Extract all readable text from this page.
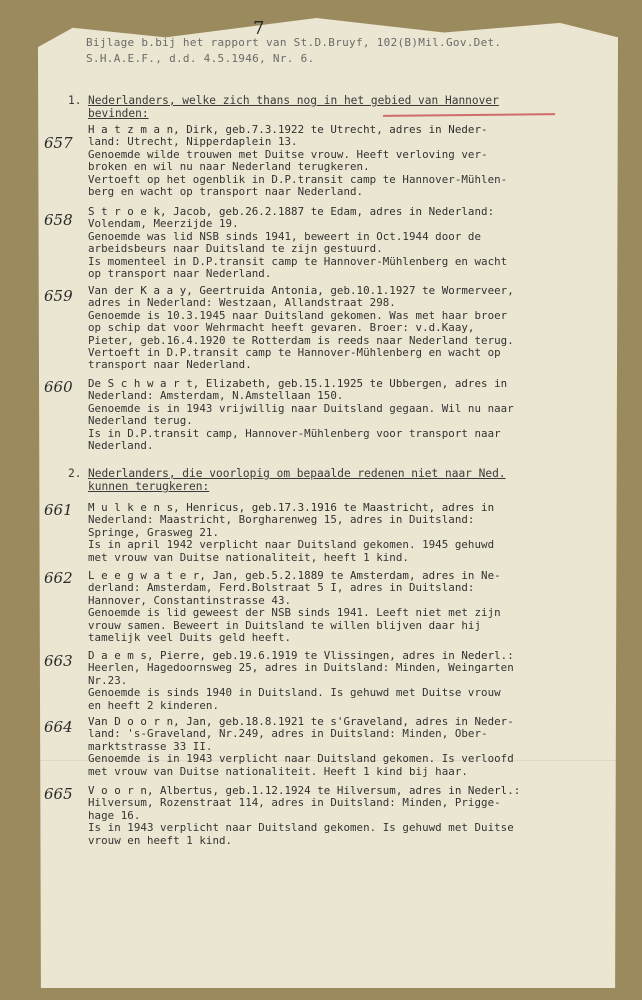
7
Bijlage b.bij het rapport van St.D.Bruyf, 102(B)Mil.Gov.Det.
S.H.A.E.F., d.d. 4.5.1946, Nr. 6.
1. Nederlanders, welke zich thans nog in het gebied van Hannover
bevinden:
657
H a t z m a n, Dirk, geb.7.3.1922 te Utrecht, adres in Neder-
land: Utrecht, Nipperdaplein 13.
Genoemde wilde trouwen met Duitse vrouw. Heeft verloving ver-
broken en wil nu naar Nederland terugkeren.
Vertoeft op het ogenblik in D.P.transit camp te Hannover-Mühlen-
berg en wacht op transport naar Nederland.
658 S t r o e k, Jacob, geb.26.2.1887 te Edam, adres in Nederland:
Volendam, Meerzijde 19.
Genoemde was lid NSB sinds 1941, beweert in Oct.1944 door de
arbeidsbeurs naar Duitsland te zijn gestuurd.
Is momenteel in D.P.transit camp te Hannover-Mühlenberg en wacht
op transport naar Nederland.
659 Van der K a a y, Geertruida Antonia, geb.10.1.1927 te Wormerveer,
adres in Nederland: Westzaan, Allandstraat 298.
Genoemde is 10.3.1945 naar Duitsland gekomen. Was met haar broer
op schip dat voor Wehrmacht heeft gevaren. Broer: v.d.Kaay,
Pieter, geb.16.4.1920 te Rotterdam is reeds naar Nederland terug.
Vertoeft in D.P.transit camp te Hannover-Mühlenberg en wacht op
transport naar Nederland.
660 De S c h w a r t, Elizabeth, geb.15.1.1925 te Ubbergen, adres in
Nederland: Amsterdam, N.Amstellaan 150.
Genoemde is in 1943 vrijwillig naar Duitsland gegaan. Wil nu naar
Nederland terug.
Is in D.P.transit camp, Hannover-Mühlenberg voor transport naar
Nederland.
2. Nederlanders, die voorlopig om bepaalde redenen niet naar Ned.
kunnen terugkeren:
661 M u l k e n s, Henricus, geb.17.3.1916 te Maastricht, adres in
Nederland: Maastricht, Borgharenweg 15, adres in Duitsland:
Springe, Grasweg 21.
Is in april 1942 verplicht naar Duitsland gekomen. 1945 gehuwd
met vrouw van Duitse nationaliteit, heeft 1 kind.
662 L e e g w a t e r, Jan, geb.5.2.1889 te Amsterdam, adres in Ne-
derland: Amsterdam, Ferd.Bolstraat 5 I, adres in Duitsland:
Hannover, Constantinstrasse 43.
Genoemde is lid geweest der NSB sinds 1941. Leeft niet met zijn
vrouw samen. Beweert in Duitsland te willen blijven daar hij
tamelijk veel Duits geld heeft.
663 D a e m s, Pierre, geb.19.6.1919 te Vlissingen, adres in Nederl.:
Heerlen, Hagedoornsweg 25, adres in Duitsland: Minden, Weingarten
Nr.23.
Genoemde is sinds 1940 in Duitsland. Is gehuwd met Duitse vrouw
en heeft 2 kinderen.
664 Van D o o r n, Jan, geb.18.8.1921 te s'Graveland, adres in Neder-
land: 's-Graveland, Nr.249, adres in Duitsland: Minden, Ober-
marktstrasse 33 II.
Genoemde is in 1943 verplicht naar Duitsland gekomen. Is verloofd
met vrouw van Duitse nationaliteit. Heeft 1 kind bij haar.
665 V o o r n, Albertus, geb.1.12.1924 te Hilversum, adres in Nederl.:
Hilversum, Rozenstraat 114, adres in Duitsland: Minden, Prigge-
hage 16.
Is in 1943 verplicht naar Duitsland gekomen. Is gehuwd met Duitse
vrouw en heeft 1 kind.
